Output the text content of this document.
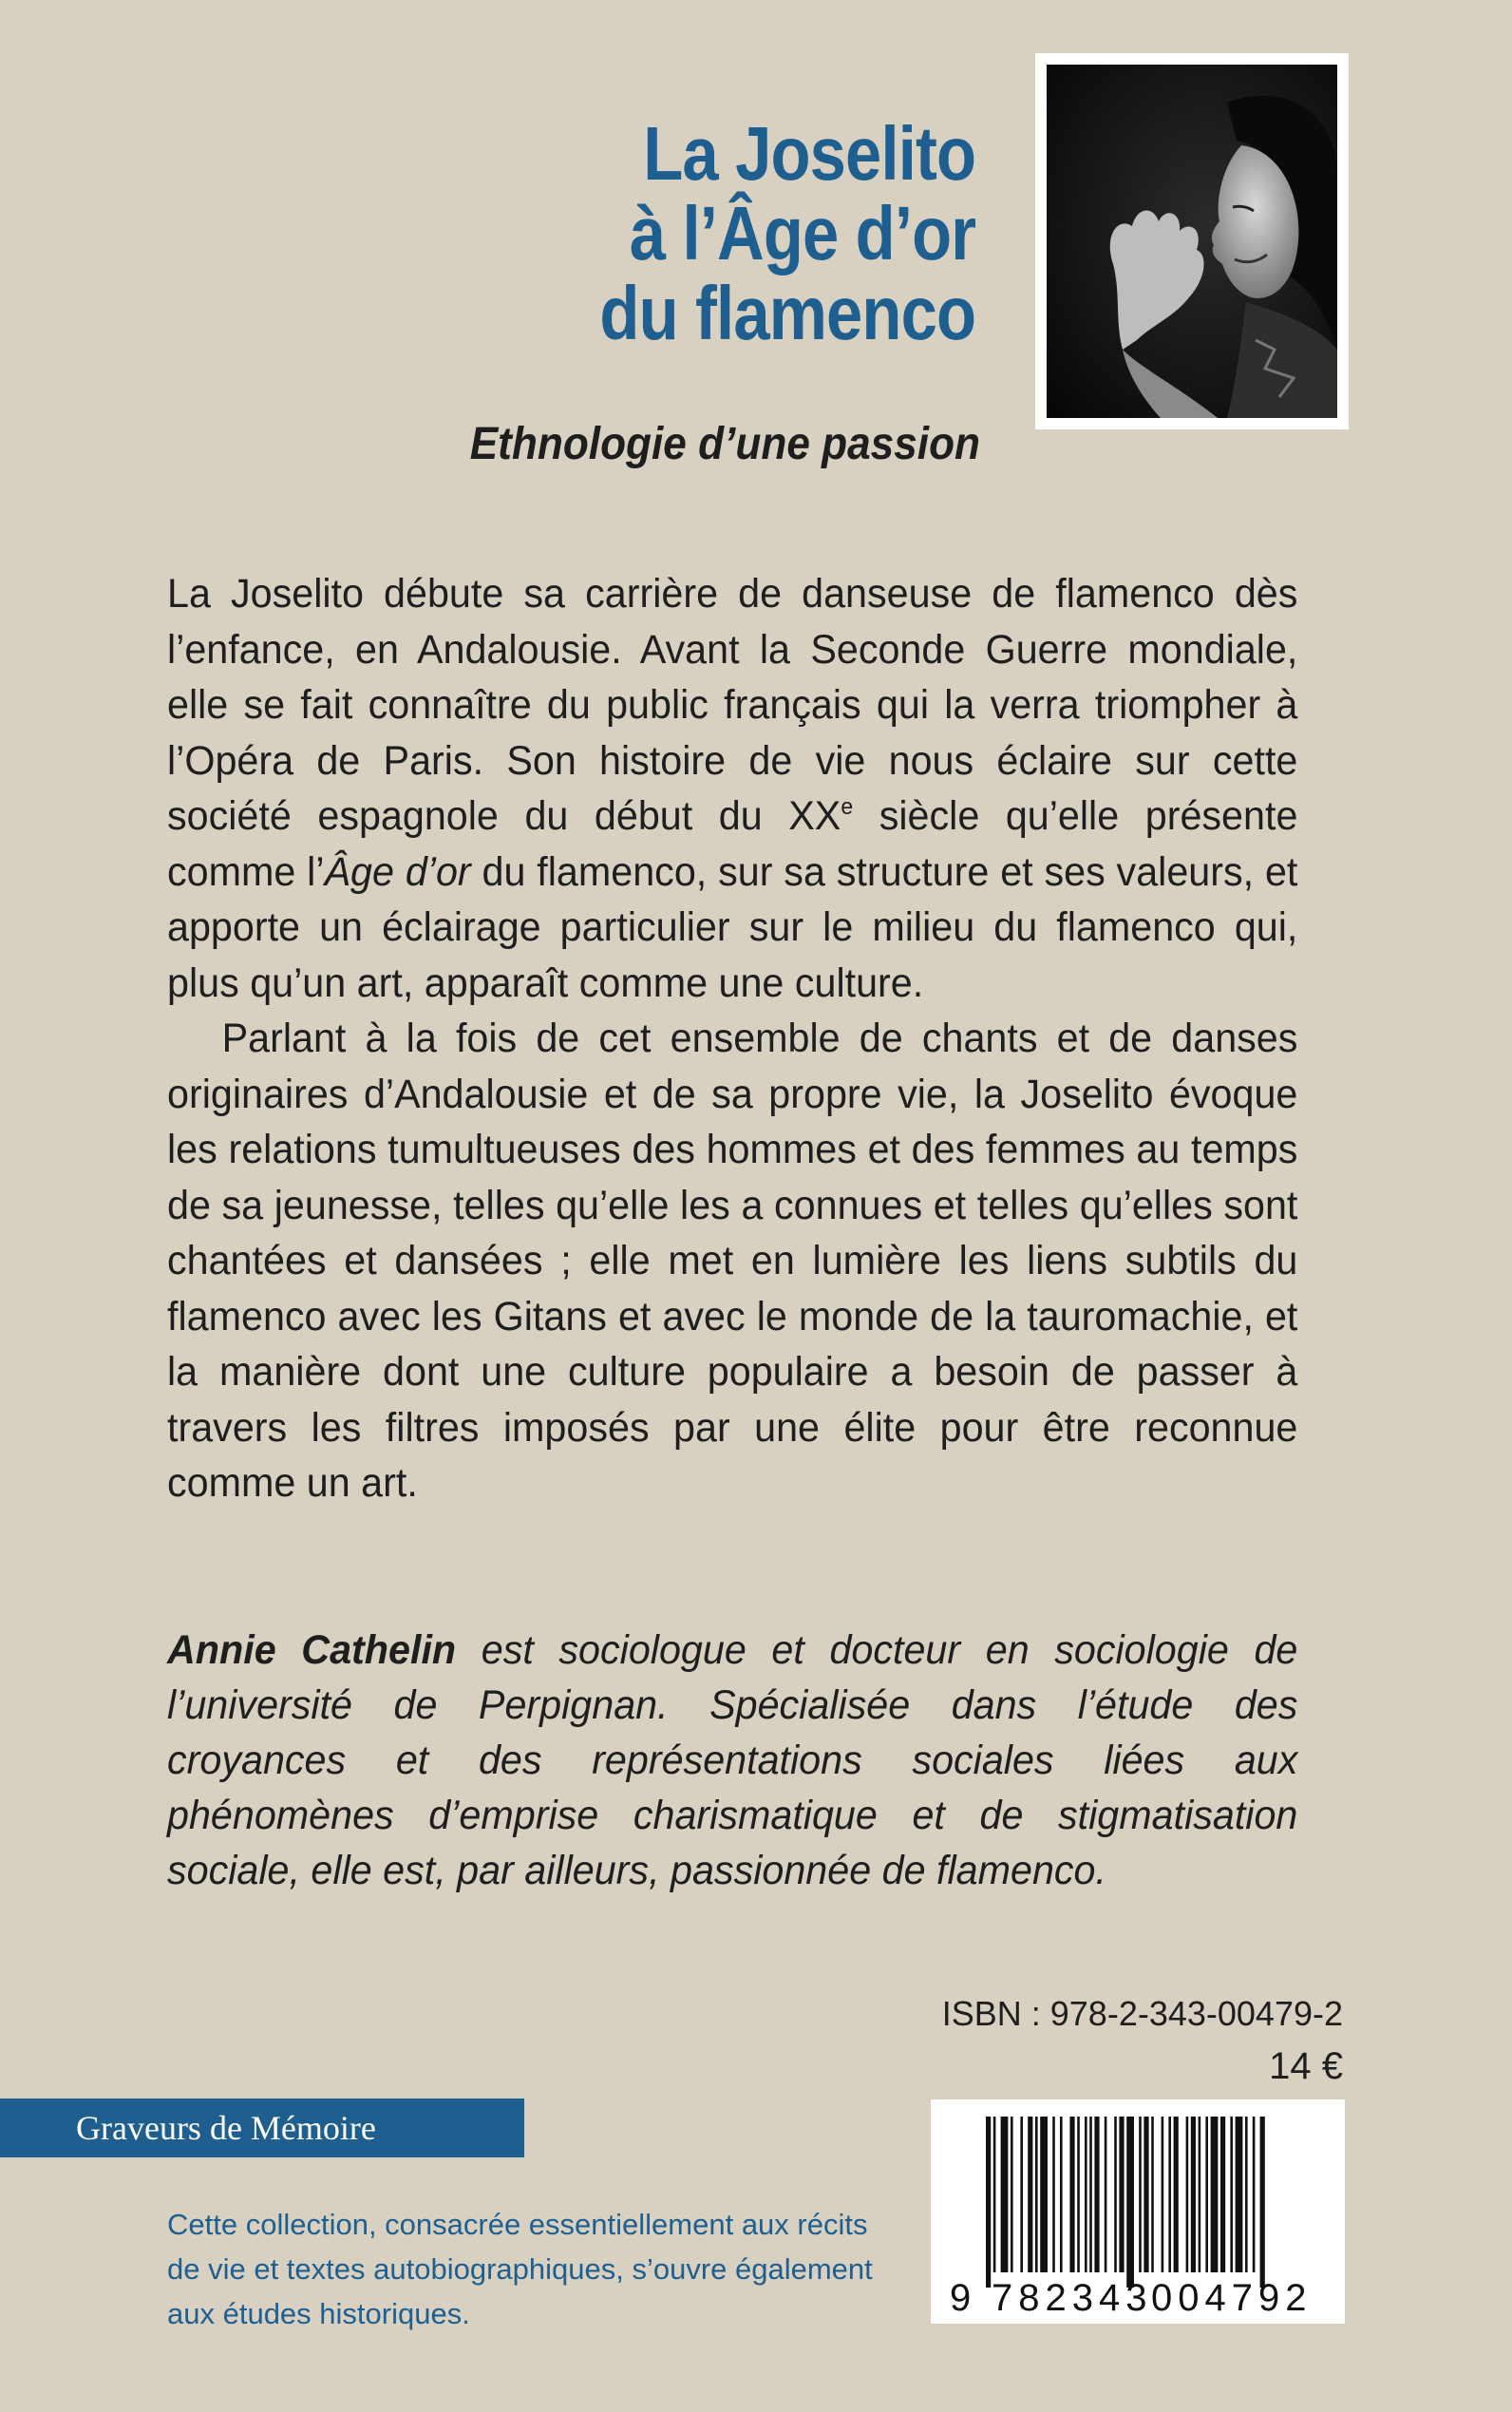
La Joselito
à l’Âge d’or
du flamenco
Ethnologie d’une passion

La Joselito débute sa carrière de danseuse de flamenco dès l’enfance, en Andalousie. Avant la Seconde Guerre mondiale, elle se fait connaître du public français qui la verra triompher à l’Opéra de Paris. Son histoire de vie nous éclaire sur cette société espagnole du début du XXe siècle qu’elle présente comme l’Âge d’or du flamenco, sur sa structure et ses valeurs, et apporte un éclairage particulier sur le milieu du flamenco qui, plus qu’un art, apparaît comme une culture.

Parlant à la fois de cet ensemble de chants et de danses originaires d’Andalousie et de sa propre vie, la Joselito évoque les relations tumultueuses des hommes et des femmes au temps de sa jeunesse, telles qu’elle les a connues et telles qu’elles sont chantées et dansées ; elle met en lumière les liens subtils du flamenco avec les Gitans et avec le monde de la tauromachie, et la manière dont une culture populaire a besoin de passer à travers les filtres imposés par une élite pour être reconnue comme un art.

Annie Cathelin est sociologue et docteur en sociologie de l’université de Perpignan. Spécialisée dans l’étude des croyances et des représentations sociales liées aux phénomènes d’emprise charismatique et de stigmatisation sociale, elle est, par ailleurs, passionnée de flamenco.

ISBN : 978-2-343-00479-2
14 €
Graveurs de Mémoire

Cette collection, consacrée essentiellement aux récits de vie et textes autobiographiques, s’ouvre également aux études historiques.	9 782343
004792
